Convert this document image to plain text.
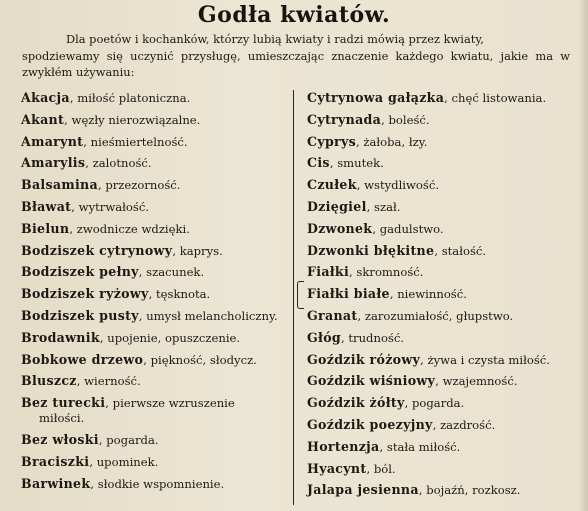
Godła kwiatów.
Dla poetów i kochanków, którzy lubią kwiaty i radzi mówią przez kwiaty,
spodziewamy się uczynić przysługę, umieszczając znaczenie każdego kwiatu, jakie ma w zwykłém używaniu:
Akacja, miłość platoniczna.
Akant, węzły nierozwiązalne.
Amarynt, nieśmiertelność.
Amarylis, zalotność.
Balsamina, przezorność.
Bławat, wytrwałość.
Bielun, zwodnicze wdzięki.
Bodziszek cytrynowy, kaprys.
Bodziszek pełny, szacunek.
Bodziszek ryżowy, tęsknota.
Bodziszek pusty, umysł melancholiczny.
Brodawnik, upojenie, opuszczenie.
Bobkowe drzewo, piękność, słodycz.
Bluszcz, wierność.
Bez turecki, pierwsze wzruszenie miłości.
Bez włoski, pogarda.
Braciszki, upominek.
Barwinek, słodkie wspomnienie.
Cytrynowa gałązka, chęć listowania.
Cytrynada, boleść.
Cyprys, żałoba, łzy.
Cis, smutek.
Czułek, wstydliwość.
Dzięgiel, szał.
Dzwonek, gadulstwo.
Dzwonki błękitne, stałość.
Fiałki, skromność.
Fiałki białe, niewinność.
Granat, zarozumiałość, głupstwo.
Głóg, trudność.
Goździk różowy, żywa i czysta miłość.
Goździk wiśniowy, wzajemność.
Goździk żółty, pogarda.
Goździk poezyjny, zazdrość.
Hortenzja, stała miłość.
Hyacynt, ból.
Jalapa jesienna, bojaźń, rozkosz.
